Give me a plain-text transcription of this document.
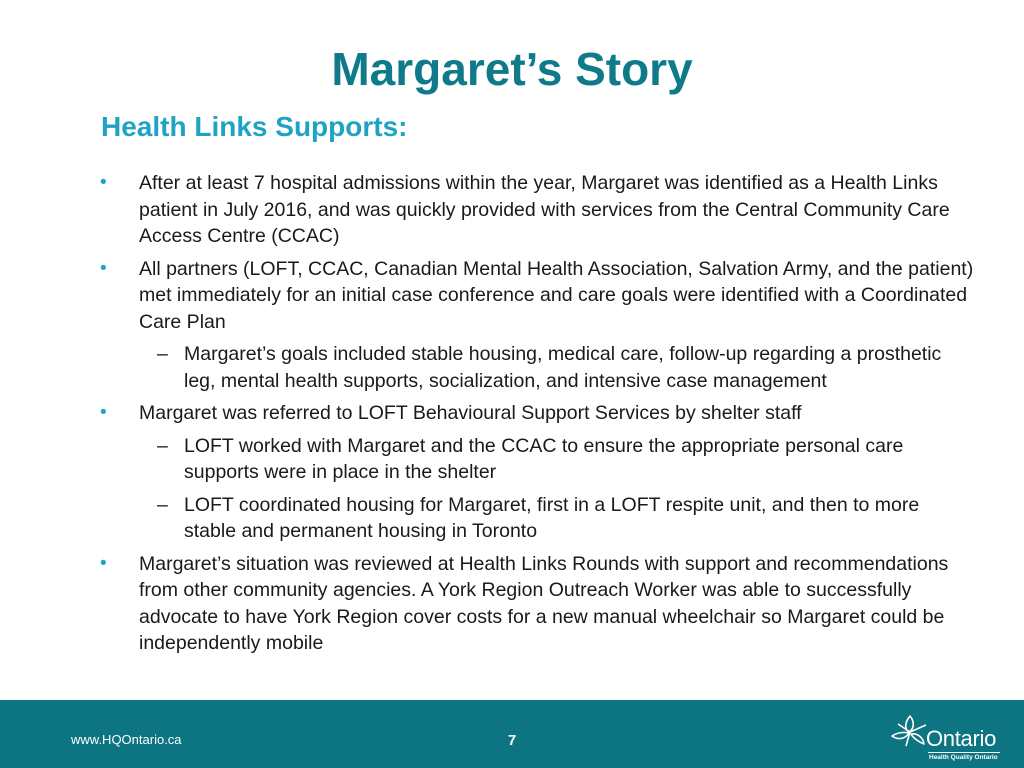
Margaret’s Story
Health Links Supports:
• After at least 7 hospital admissions within the year, Margaret was identified as a Health Links patient in July 2016, and was quickly provided with services from the Central Community Care Access Centre (CCAC)
• All partners (LOFT, CCAC, Canadian Mental Health Association, Salvation Army, and the patient) met immediately for an initial case conference and care goals were identified with a Coordinated Care Plan
– Margaret’s goals included stable housing, medical care, follow-up regarding a prosthetic leg, mental health supports, socialization, and intensive case management
• Margaret was referred to LOFT Behavioural Support Services by shelter staff
– LOFT worked with Margaret and the CCAC to ensure the appropriate personal care supports were in place in the shelter
– LOFT coordinated housing for Margaret, first in a LOFT respite unit, and then to more stable and permanent housing in Toronto
• Margaret’s situation was reviewed at Health Links Rounds with support and recommendations from other community agencies. A York Region Outreach Worker was able to successfully advocate to have York Region cover costs for a new manual wheelchair so Margaret could be independently mobile
www.HQOntario.ca	7	Ontario
Health Quality Ontario
